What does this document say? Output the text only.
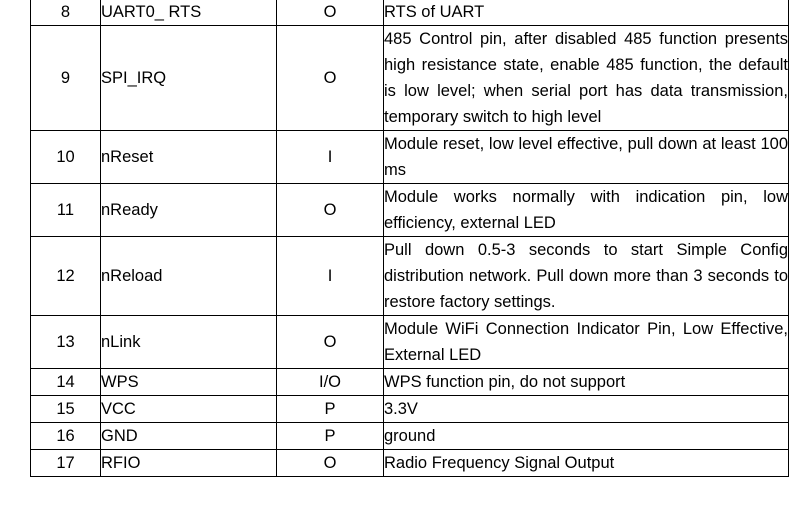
8	UART0_ RTS	O	RTS of UART
9	SPI_IRQ	O	485 Control pin, after disabled 485 function presents high resistance state, enable 485 function, the default is low level; when serial port has data transmission, temporary switch to high level
10	nReset	I	Module reset, low level effective, pull down at least 100 ms
11	nReady	O	Module works normally with indication pin, low efficiency, external LED
12	nReload	I	Pull down 0.5-3 seconds to start Simple Config distribution network. Pull down more than 3 seconds to restore factory settings.
13	nLink	O	Module WiFi Connection Indicator Pin, Low Effective, External LED
14	WPS	I/O	WPS function pin, do not support
15	VCC	P	3.3V
16	GND	P	ground
17	RFIO	O	Radio Frequency Signal Output
